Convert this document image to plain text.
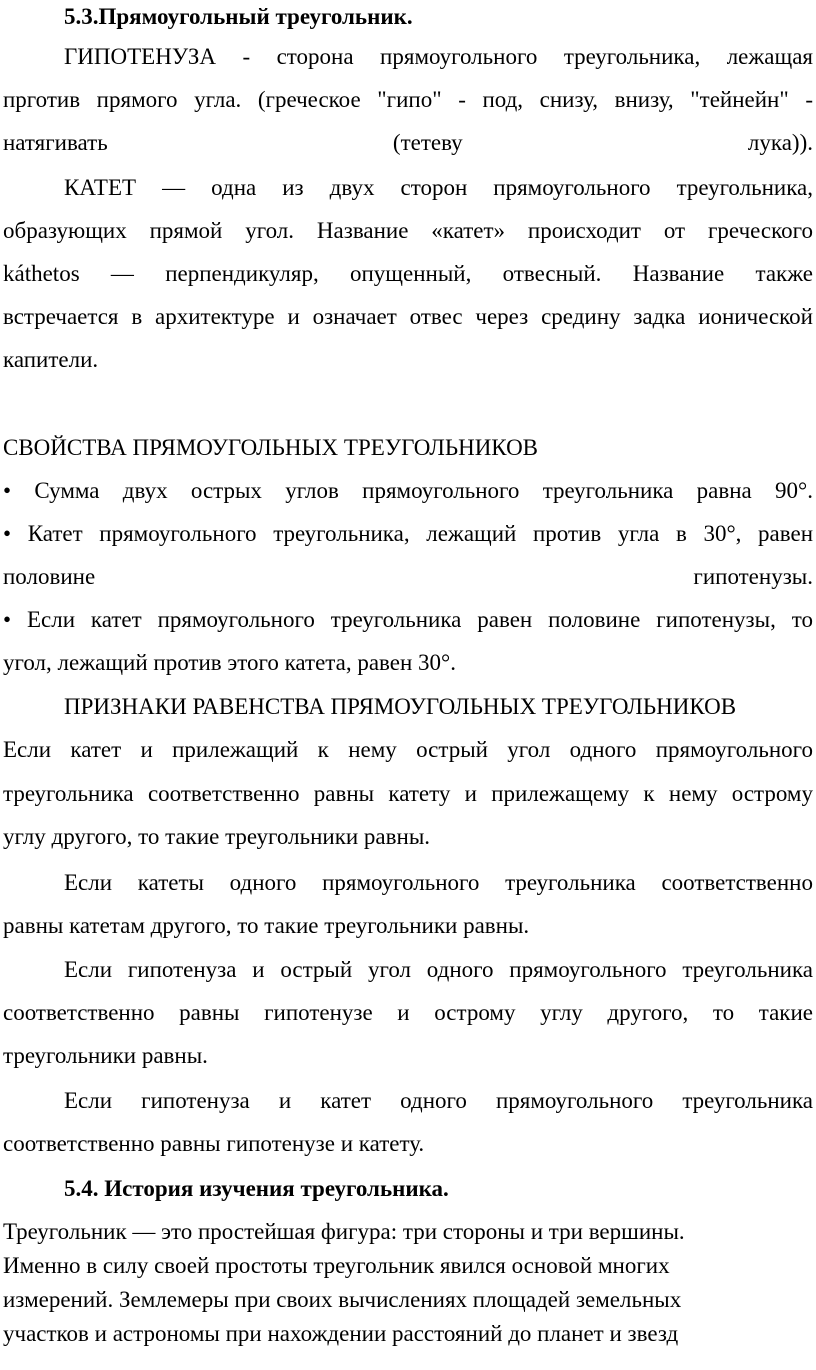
5.3.Прямоугольный треугольник.
ГИПОТЕНУЗА - сторона прямоугольного треугольника, лежащая
прготив прямого угла. (греческое "гипо" - под, снизу, внизу, "тейнейн" -
натягивать (тетеву лука)).
КАТЕТ — одна из двух сторон прямоугольного треугольника,
образующих прямой угол. Название «катет» происходит от греческого
káthetos — перпендикуляр, опущенный, отвесный. Название также
встречается в архитектуре и означает отвес через средину задка ионической
капители.
СВОЙСТВА ПРЯМОУГОЛЬНЫХ ТРЕУГОЛЬНИКОВ
• Сумма двух острых углов прямоугольного треугольника равна 90°.
• Катет прямоугольного треугольника, лежащий против угла в 30°, равен
половине гипотенузы.
• Если катет прямоугольного треугольника равен половине гипотенузы, то
угол, лежащий против этого катета, равен 30°.
ПРИЗНАКИ РАВЕНСТВА ПРЯМОУГОЛЬНЫХ ТРЕУГОЛЬНИКОВ
Если катет и прилежащий к нему острый угол одного прямоугольного
треугольника соответственно равны катету и прилежащему к нему острому
углу другого, то такие треугольники равны.
Если катеты одного прямоугольного треугольника соответственно
равны катетам другого, то такие треугольники равны.
Если гипотенуза и острый угол одного прямоугольного треугольника
соответственно равны гипотенузе и острому углу другого, то такие
треугольники равны.
Если гипотенуза и катет одного прямоугольного треугольника
соответственно равны гипотенузе и катету.
5.4. История изучения треугольника.
Треугольник — это простейшая фигура: три стороны и три вершины.
Именно в силу своей простоты треугольник явился основой многих
измерений. Землемеры при своих вычислениях площадей земельных
участков и астрономы при нахождении расстояний до планет и звезд
